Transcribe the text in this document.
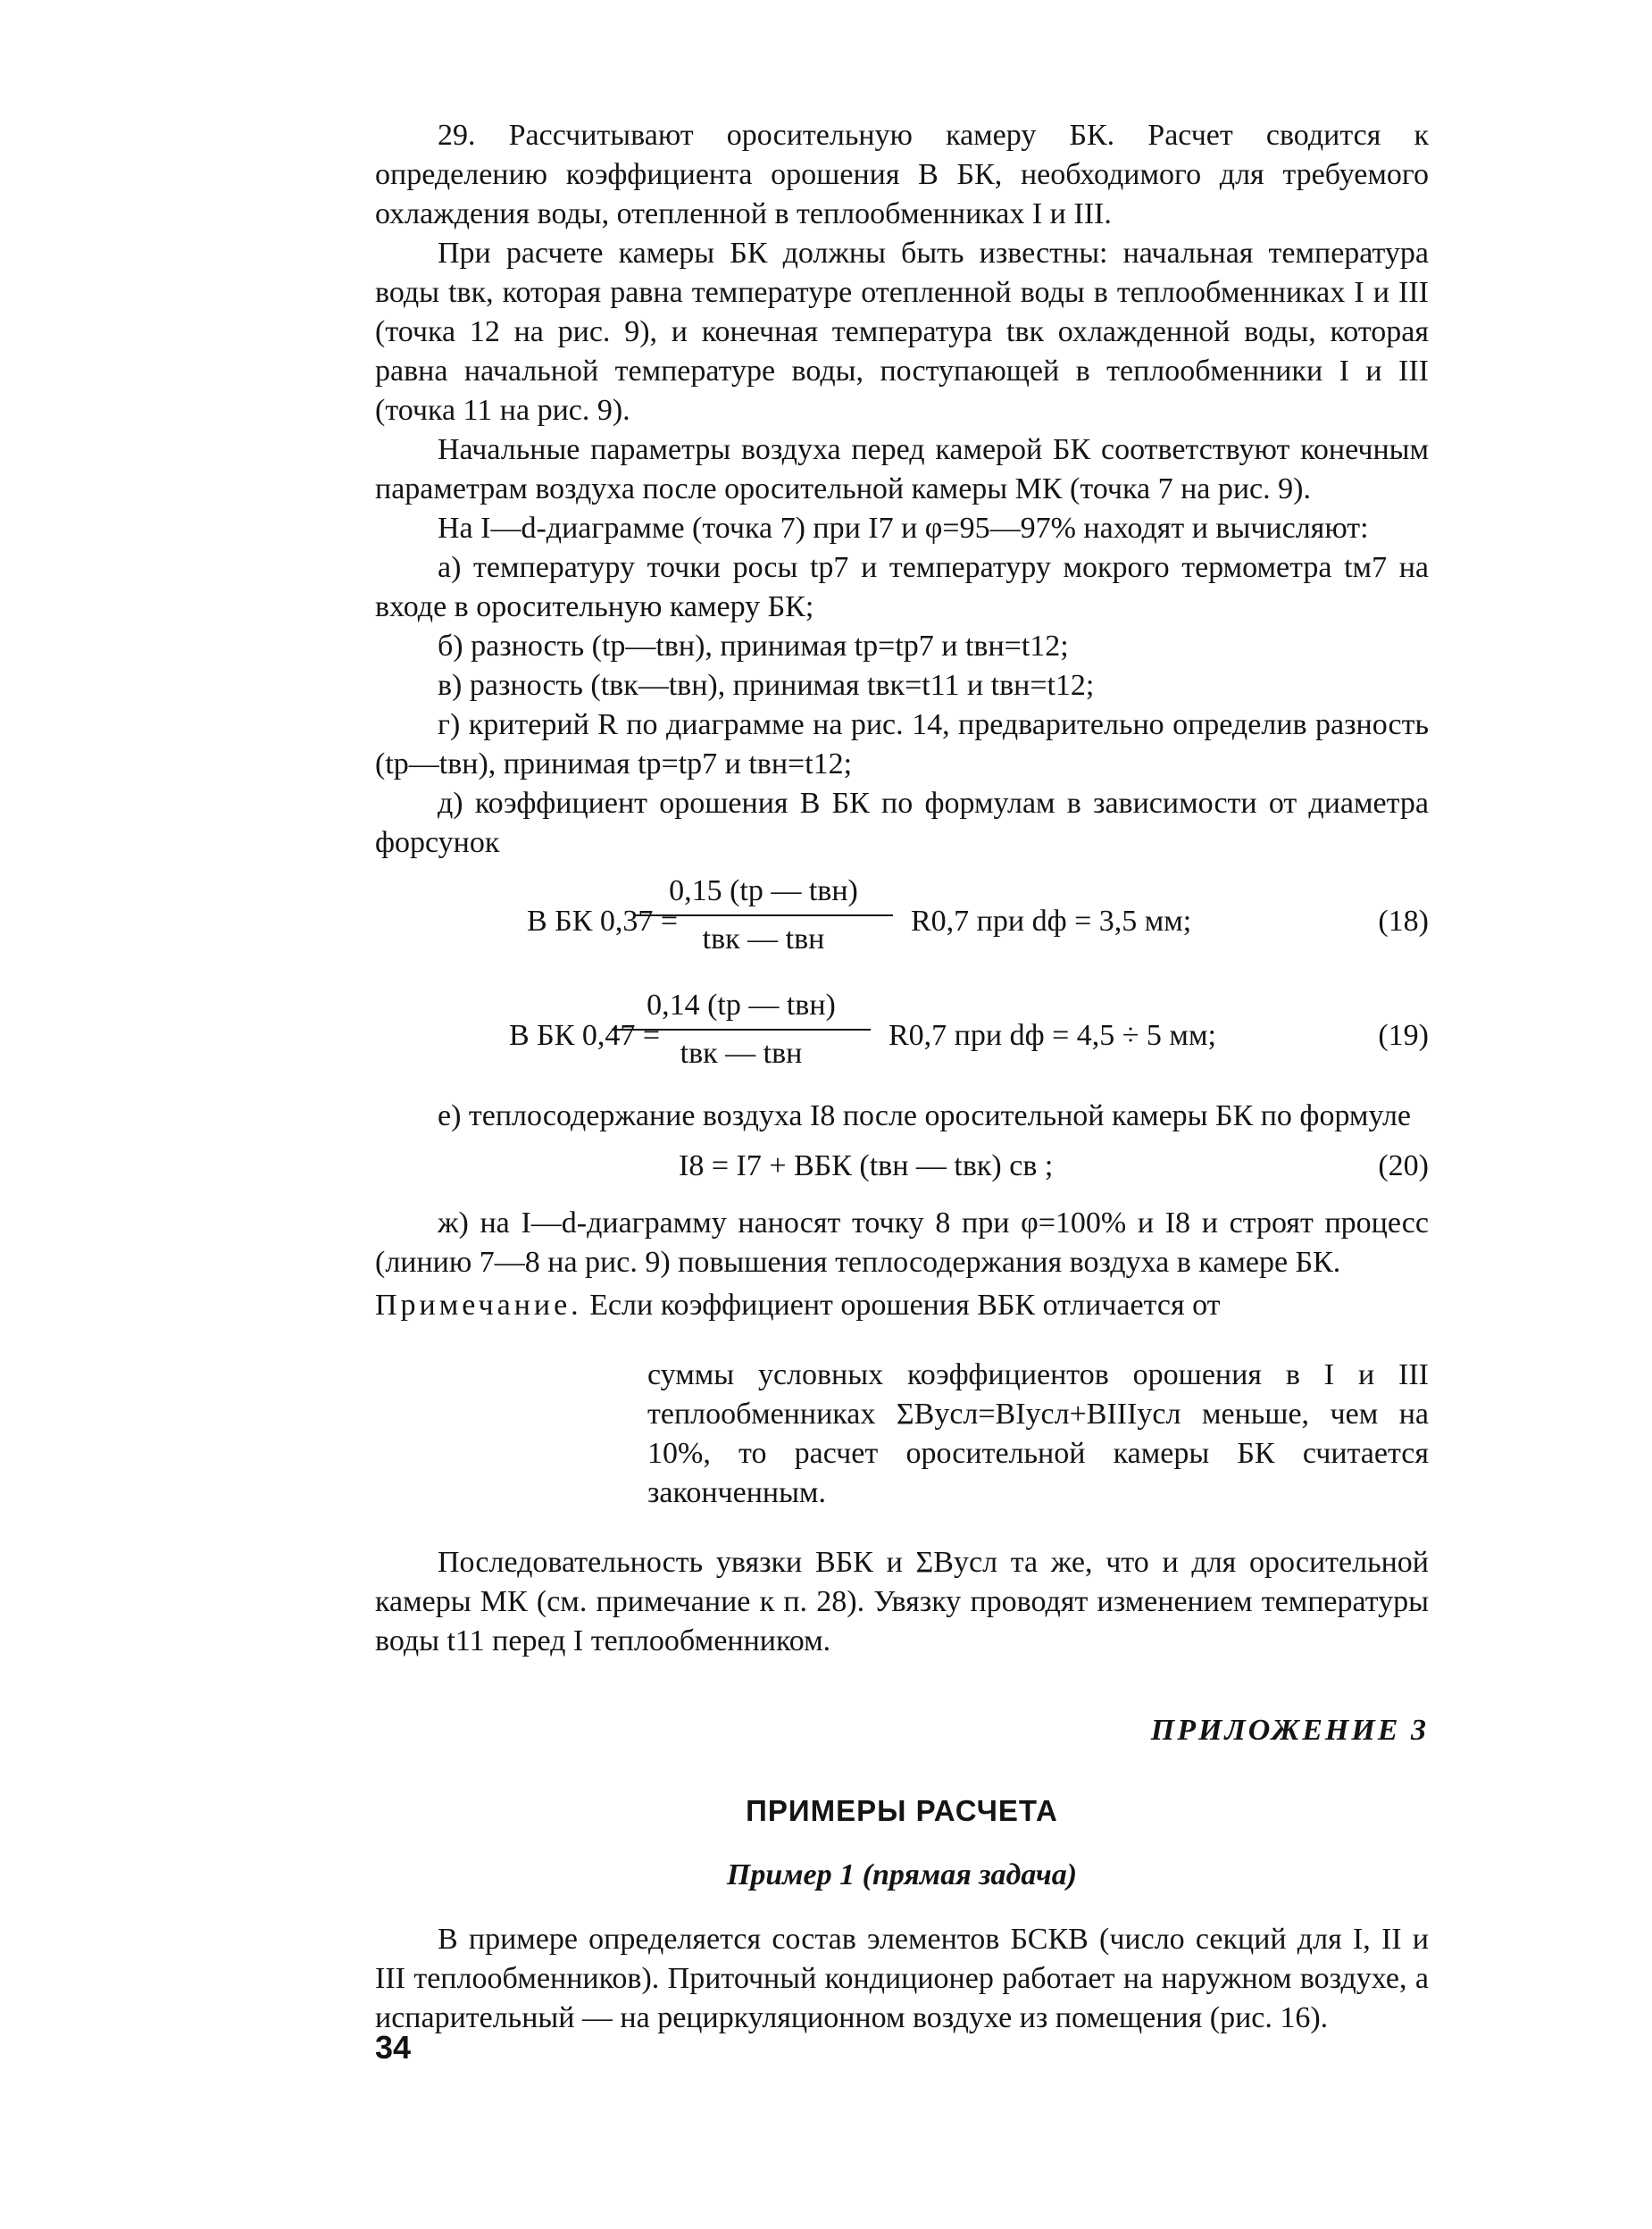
29. Рассчитывают оросительную камеру БК. Расчет сводится к определению коэффициента орошения B БК, необходимого для требуемого охлаждения воды, отепленной в теплообменниках I и III.

При расчете камеры БК должны быть известны: начальная температура воды tвк, которая равна температуре отепленной воды в теплообменниках I и III (точка 12 на рис. 9), и конечная температура tвк охлажденной воды, которая равна начальной температуре воды, поступающей в теплообменники I и III (точка 11 на рис. 9).

Начальные параметры воздуха перед камерой БК соответствуют конечным параметрам воздуха после оросительной камеры МК (точка 7 на рис. 9).

На I—d-диаграмме (точка 7) при I7 и φ=95—97% находят и вычисляют:

а) температуру точки росы tр7 и температуру мокрого термометра tм7 на входе в оросительную камеру БК;

б) разность (tр—tвн), принимая tр=tр7 и tвн=t12;

в) разность (tвк—tвн), принимая tвк=t11 и tвн=t12;

г) критерий R по диаграмме на рис. 14, предварительно определив разность (tр—tвн), принимая tр=tр7 и tвн=t12;

д) коэффициент орошения B БК по формулам в зависимости от диаметра форсунок

B БК 0,37 =
0,15 (tр — tвн)
tвк — tвн
R0,7 при dф = 3,5 мм;	(18)
B БК 0,47 =
0,14 (tр — tвн)
tвк — tвн
R0,7 при dф = 4,5 ÷ 5 мм;	(19)

е) теплосодержание воздуха I8 после оросительной камеры БК по формуле

I8 = I7 + BБК (tвн — tвк) cв ;	(20)

ж) на I—d-диаграмму наносят точку 8 при φ=100% и I8 и строят процесс (линию 7—8 на рис. 9) повышения теплосодержания воздуха в камере БК.

Примечание. Если коэффициент орошения BБК отличается от

суммы условных коэффициентов орошения в I и III теплообменниках ΣBусл=BIусл+BIIIусл меньше, чем на 10%, то расчет оросительной камеры БК считается законченным.

Последовательность увязки BБК и ΣBусл та же, что и для оросительной камеры МК (см. примечание к п. 28). Увязку проводят изменением температуры воды t11 перед I теплообменником.

ПРИЛОЖЕНИЕ 3

ПРИМЕРЫ РАСЧЕТА

Пример 1 (прямая задача)

В примере определяется состав элементов БСКВ (число секций для I, II и III теплообменников). Приточный кондиционер работает на наружном воздухе, а испарительный — на рециркуляционном воздухе из помещения (рис. 16).

34
